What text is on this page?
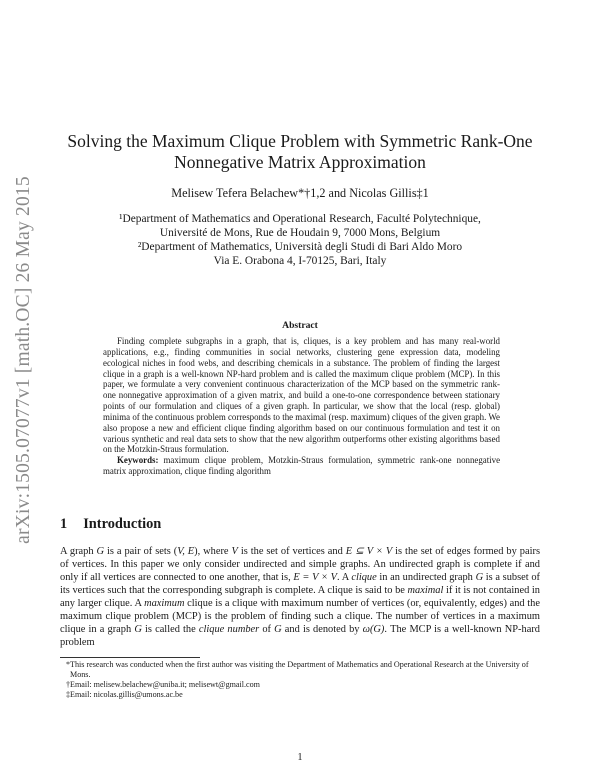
arXiv:1505.07077v1 [math.OC] 26 May 2015
Solving the Maximum Clique Problem with Symmetric Rank-One
Nonnegative Matrix Approximation
Melisew Tefera Belachew*†1,2 and Nicolas Gillis‡1
¹Department of Mathematics and Operational Research, Faculté Polytechnique,
Université de Mons, Rue de Houdain 9, 7000 Mons, Belgium
²Department of Mathematics, Università degli Studi di Bari Aldo Moro
Via E. Orabona 4, I-70125, Bari, Italy
Abstract

Finding complete subgraphs in a graph, that is, cliques, is a key problem and has many real-world applications, e.g., finding communities in social networks, clustering gene expression data, modeling ecological niches in food webs, and describing chemicals in a substance. The problem of finding the largest clique in a graph is a well-known NP-hard problem and is called the maximum clique problem (MCP). In this paper, we formulate a very convenient continuous characterization of the MCP based on the symmetric rank-one nonnegative approximation of a given matrix, and build a one-to-one correspondence between stationary points of our formulation and cliques of a given graph. In particular, we show that the local (resp. global) minima of the continuous problem corresponds to the maximal (resp. maximum) cliques of the given graph. We also propose a new and efficient clique finding algorithm based on our continuous formulation and test it on various synthetic and real data sets to show that the new algorithm outperforms other existing algorithms based on the Motzkin-Straus formulation.

Keywords: maximum clique problem, Motzkin-Straus formulation, symmetric rank-one nonnegative matrix approximation, clique finding algorithm

1 Introduction

A graph G is a pair of sets (V, E), where V is the set of vertices and E ⊆ V × V is the set of edges formed by pairs of vertices. In this paper we only consider undirected and simple graphs. An undirected graph is complete if and only if all vertices are connected to one another, that is, E = V × V. A clique in an undirected graph G is a subset of its vertices such that the corresponding subgraph is complete. A clique is said to be maximal if it is not contained in any larger clique. A maximum clique is a clique with maximum number of vertices (or, equivalently, edges) and the maximum clique problem (MCP) is the problem of finding such a clique. The number of vertices in a maximum clique in a graph G is called the clique number of G and is denoted by ω(G). The MCP is a well-known NP-hard problem

*This research was conducted when the first author was visiting the Department of Mathematics and Operational Research at the University of Mons.
†Email: melisew.belachew@uniba.it; melisewt@gmail.com
‡Email: nicolas.gillis@umons.ac.be
1
